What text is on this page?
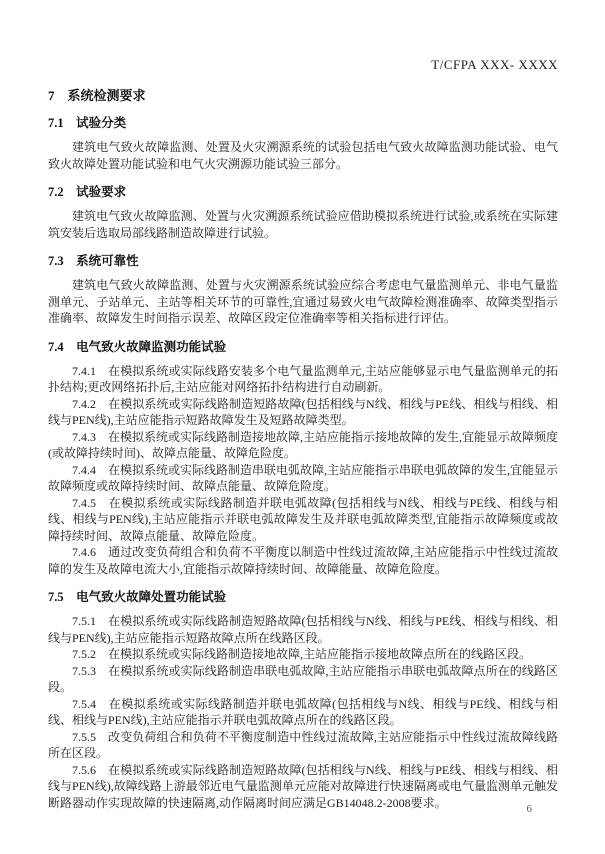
T/CFPA XXX- XXXX
7　系统检测要求
7.1　试验分类

建筑电气致火故障监测、处置及火灾溯源系统的试验包括电气致火故障监测功能试验、电气致火故障处置功能试验和电气火灾溯源功能试验三部分。

7.2　试验要求

建筑电气致火故障监测、处置与火灾溯源系统试验应借助模拟系统进行试验,或系统在实际建筑安装后选取局部线路制造故障进行试验。

7.3　系统可靠性

建筑电气致火故障监测、处置与火灾溯源系统试验应综合考虑电气量监测单元、非电气量监测单元、子站单元、主站等相关环节的可靠性,宜通过易致火电气故障检测准确率、故障类型指示准确率、故障发生时间指示误差、故障区段定位准确率等相关指标进行评估。

7.4　电气致火故障监测功能试验

7.4.1　在模拟系统或实际线路安装多个电气量监测单元,主站应能够显示电气量监测单元的拓扑结构;更改网络拓扑后,主站应能对网络拓扑结构进行自动刷新。

7.4.2　在模拟系统或实际线路制造短路故障(包括相线与N线、相线与PE线、相线与相线、相线与PEN线),主站应能指示短路故障发生及短路故障类型。

7.4.3　在模拟系统或实际线路制造接地故障,主站应能指示接地故障的发生,宜能显示故障频度(或故障持续时间)、故障点能量、故障危险度。

7.4.4　在模拟系统或实际线路制造串联电弧故障,主站应能指示串联电弧故障的发生,宜能显示故障频度或故障持续时间、故障点能量、故障危险度。

7.4.5　在模拟系统或实际线路制造并联电弧故障(包括相线与N线、相线与PE线、相线与相线、相线与PEN线),主站应能指示并联电弧故障发生及并联电弧故障类型,宜能指示故障频度或故障持续时间、故障点能量、故障危险度。

7.4.6　通过改变负荷组合和负荷不平衡度以制造中性线过流故障,主站应能指示中性线过流故障的发生及故障电流大小,宜能指示故障持续时间、故障能量、故障危险度。

7.5　电气致火故障处置功能试验

7.5.1　在模拟系统或实际线路制造短路故障(包括相线与N线、相线与PE线、相线与相线、相线与PEN线),主站应能指示短路故障点所在线路区段。

7.5.2　在模拟系统或实际线路制造接地故障,主站应能指示接地故障点所在的线路区段。

7.5.3　在模拟系统或实际线路制造串联电弧故障,主站应能指示串联电弧故障点所在的线路区段。

7.5.4　在模拟系统或实际线路制造并联电弧故障(包括相线与N线、相线与PE线、相线与相线、相线与PEN线),主站应能指示并联电弧故障点所在的线路区段。

7.5.5　改变负荷组合和负荷不平衡度制造中性线过流故障,主站应能指示中性线过流故障线路所在区段。

7.5.6　在模拟系统或实际线路制造短路故障(包括相线与N线、相线与PE线、相线与相线、相线与PEN线),故障线路上游最邻近电气量监测单元应能对故障进行快速隔离或电气量监测单元触发断路器动作实现故障的快速隔离,动作隔离时间应满足GB14048.2-2008要求。	6
